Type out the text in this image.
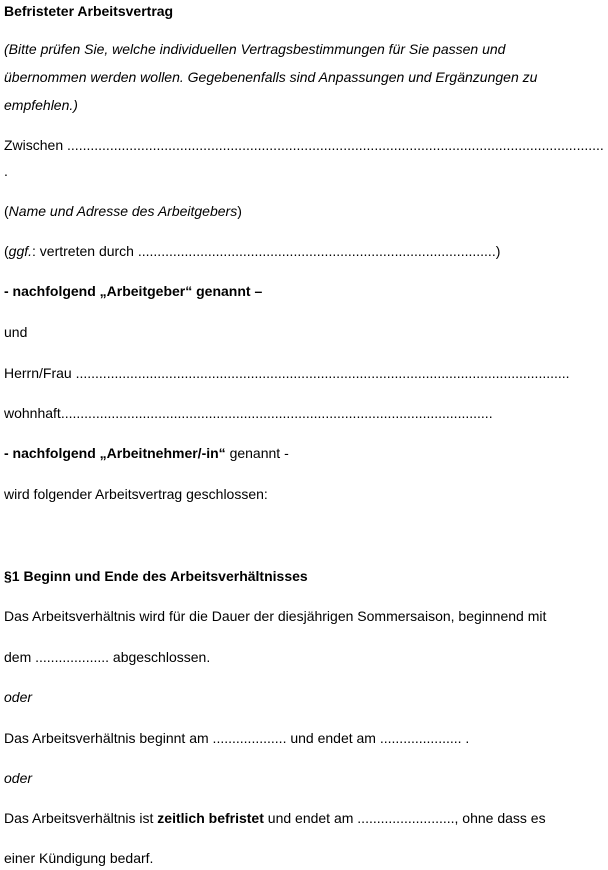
Befristeter Arbeitsvertrag
(Bitte prüfen Sie, welche individuellen Vertragsbestimmungen für Sie passen und
übernommen werden wollen. Gegebenenfalls sind Anpassungen und Ergänzungen zu
empfehlen.)
Zwischen ..........................................................................................................................................
.
(Name und Adresse des Arbeitgebers)
(ggf.: vertreten durch ............................................................................................)
- nachfolgend „Arbeitgeber“ genannt –
und
Herrn/Frau ...............................................................................................................................
wohnhaft...............................................................................................................
- nachfolgend „Arbeitnehmer/-in“ genannt -
wird folgender Arbeitsvertrag geschlossen:
§1 Beginn und Ende des Arbeitsverhältnisses
Das Arbeitsverhältnis wird für die Dauer der diesjährigen Sommersaison, beginnend mit
dem ................... abgeschlossen.
oder
Das Arbeitsverhältnis beginnt am ................... und endet am ..................... .
oder
Das Arbeitsverhältnis ist zeitlich befristet und endet am ........................., ohne dass es
einer Kündigung bedarf.
